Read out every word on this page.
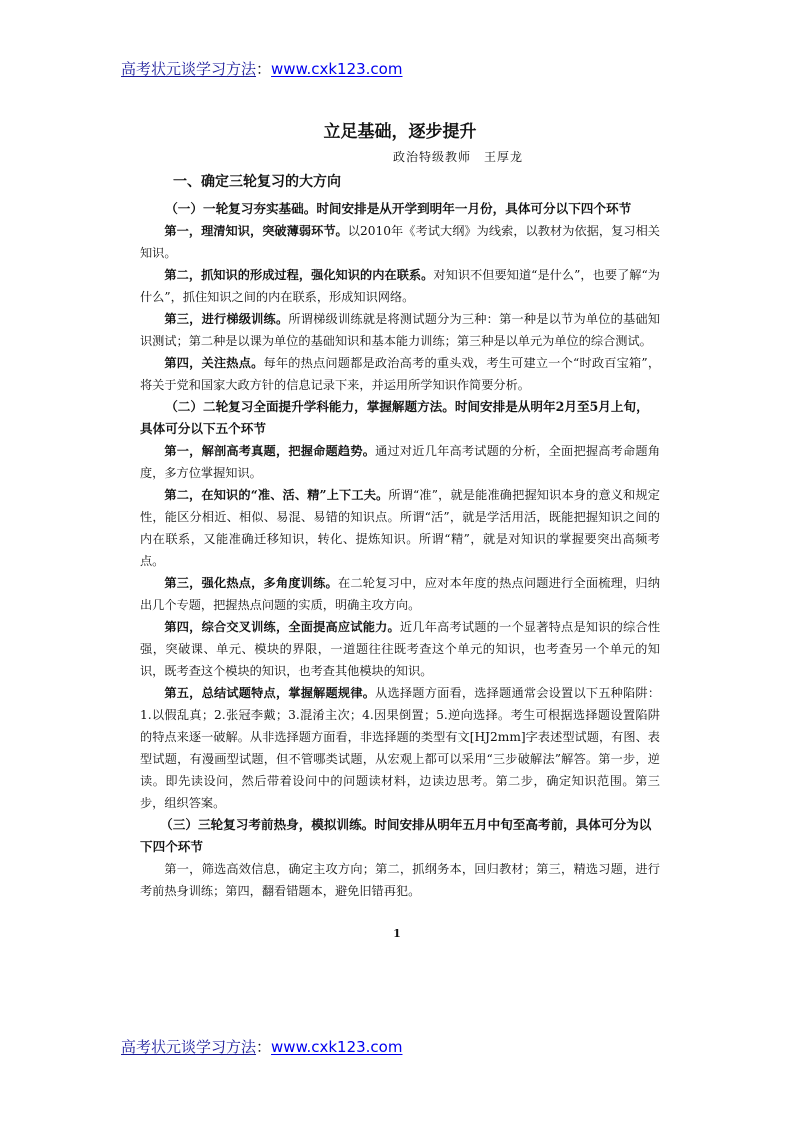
高考状元谈学习方法：www.cxk123.com
立足基础，逐步提升
政治特级教师　王厚龙
一、确定三轮复习的大方向

（一）一轮复习夯实基础。时间安排是从开学到明年一月份，具体可分以下四个环节

第一，理清知识，突破薄弱环节。以2010年《考试大纲》为线索，以教材为依据，复习相关知识。

第二，抓知识的形成过程，强化知识的内在联系。对知识不但要知道“是什么”，也要了解“为什么”，抓住知识之间的内在联系，形成知识网络。

第三，进行梯级训练。所谓梯级训练就是将测试题分为三种：第一种是以节为单位的基础知识测试；第二种是以课为单位的基础知识和基本能力训练；第三种是以单元为单位的综合测试。

第四，关注热点。每年的热点问题都是政治高考的重头戏，考生可建立一个“时政百宝箱”，将关于党和国家大政方针的信息记录下来，并运用所学知识作简要分析。

（二）二轮复习全面提升学科能力，掌握解题方法。时间安排是从明年2月至5月上旬，具体可分以下五个环节

第一，解剖高考真题，把握命题趋势。通过对近几年高考试题的分析，全面把握高考命题角度，多方位掌握知识。

第二，在知识的“准、活、精”上下工夫。所谓“准”，就是能准确把握知识本身的意义和规定性，能区分相近、相似、易混、易错的知识点。所谓“活”，就是学活用活，既能把握知识之间的内在联系，又能准确迁移知识，转化、提炼知识。所谓“精”，就是对知识的掌握要突出高频考点。

第三，强化热点，多角度训练。在二轮复习中，应对本年度的热点问题进行全面梳理，归纳出几个专题，把握热点问题的实质，明确主攻方向。

第四，综合交叉训练，全面提高应试能力。近几年高考试题的一个显著特点是知识的综合性强，突破课、单元、模块的界限，一道题往往既考查这个单元的知识，也考查另一个单元的知识，既考查这个模块的知识，也考查其他模块的知识。

第五，总结试题特点，掌握解题规律。从选择题方面看，选择题通常会设置以下五种陷阱：1.以假乱真；2.张冠李戴；3.混淆主次；4.因果倒置；5.逆向选择。考生可根据选择题设置陷阱的特点来逐一破解。从非选择题方面看，非选择题的类型有文[HJ2mm]字表述型试题，有图、表型试题，有漫画型试题，但不管哪类试题，从宏观上都可以采用“三步破解法”解答。第一步，逆读。即先读设问，然后带着设问中的问题读材料，边读边思考。第二步，确定知识范围。第三步，组织答案。

（三）三轮复习考前热身，模拟训练。时间安排从明年五月中旬至高考前，具体可分为以下四个环节

第一，筛选高效信息，确定主攻方向；第二，抓纲务本，回归教材；第三，精选习题，进行考前热身训练；第四，翻看错题本，避免旧错再犯。

1
高考状元谈学习方法：www.cxk123.com
